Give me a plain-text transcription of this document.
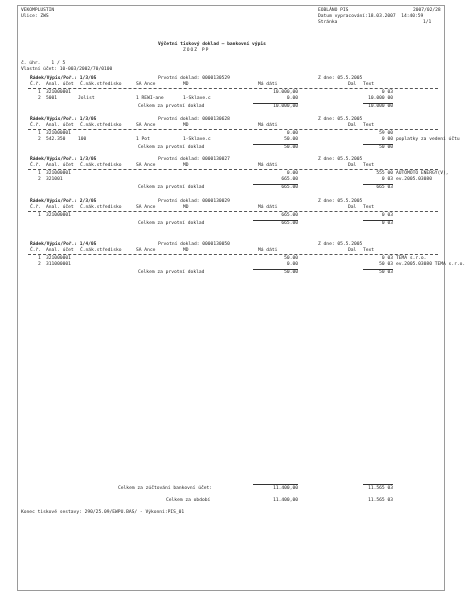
VEKOMPLUSTIN
Ulice: ZWS
EOBLÁNO PIS	2007/02/28
Datum vypracování: 18.03.2007  14:40:59
Stránka	1/1
Výčetní tiskový doklad – bankovní výpis
ZOOZ PP
č. úhr.    1 / 5
Vlastní účet: 10-003/2002/70/0100
Řádek/Výpis/Poř.: 1/3/05	Prvotní doklad: 0000130529	Z dne: 05.5.2005
Č.ř. Anal. účet Č.nák.středisko	SA Ance	MD	Má dáti	Dal Text
1 321000001	10.000,00	0 03
2 5001	Jolist	1 REWI-ane	1-Sklave.c	0.00	10.000 00
Celkem za prvotní doklad	10.000,00	10.000 00
Řádek/Výpis/Poř.: 1/3/05	Prvotní doklad: 0000130628	Z dne: 05.5.2005
Č.ř. Anal. účet Č.nák.středisko	SA Ance	MD	Má dáti	Dal Text
1 321000001	0.00	59 00
2 542.350	100	1 Pot	1-Sklave.c	50.00	0 00 poplatky za vedení účtu
Celkem za prvotní doklad	50.00	50 00
Řádek/Výpis/Poř.: 1/3/05	Prvotní doklad: 0000130027	Z dne: 05.5.2005
Č.ř. Anal. účet Č.nák.středisko	SA Ance	MD	Má dáti	Dal Text
1 321000001	0.00	555 00 AUTOMOTO ENERGY(V),
2 321001	665.00	0 03 ev.2005.03080
Celkem za prvotní doklad	665.00	665 03
Řádek/Výpis/Poř.: 2/3/05	Prvotní doklad: 0000130029	Z dne: 05.5.2005
Č.ř. Anal. účet Č.nák.středisko	SA Ance	MD	Má dáti	Dal Text
1 321000001	665.00	0 03
Celkem za prvotní doklad	665.00	0 03
Řádek/Výpis/Poř.: 1/4/05	Prvotní doklad: 0000130050	Z dne: 05.5.2005
Č.ř. Anal. účet Č.nák.středisko	SA Ance	MD	Má dáti	Dal Text
1 321000001	50.00	0 03 TEMA s.r.o.
2 311000001	0.00	50 03 ev.2005.03080 TEMA s.r.o.
Celkem za prvotní doklad	50.00	50 03
Celkem za zúčtování bankovní účet:	11.400,00	11.565 03
Celkem za období	11.400,00	11.565 03
Konec tiskové sestavy: 290/25.09/EWPU.BAS/ - Výkonní:PIS_01
